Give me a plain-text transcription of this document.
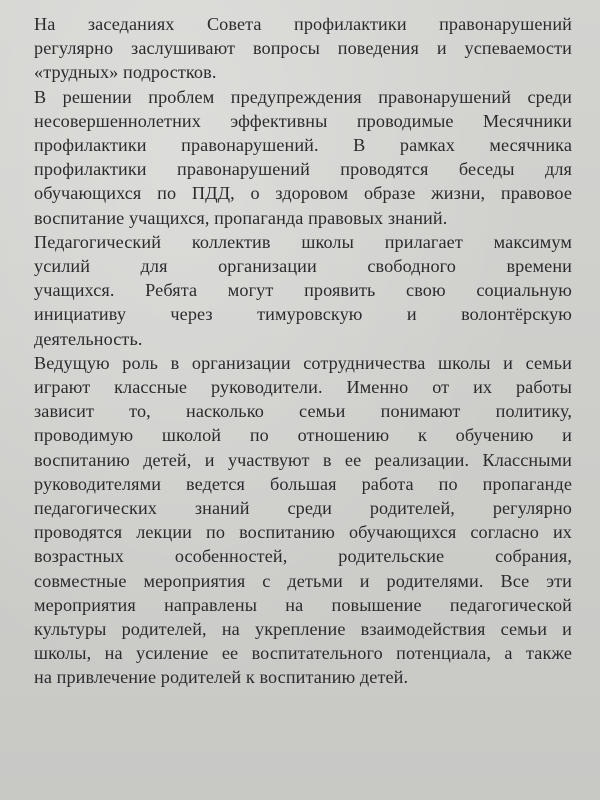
На заседаниях Совета профилактики правонарушений
регулярно заслушивают вопросы поведения и успеваемости
«трудных» подростков.
В решении проблем предупреждения правонарушений среди
несовершеннолетних эффективны проводимые Месячники
профилактики правонарушений. В рамках месячника
профилактики правонарушений проводятся беседы для
обучающихся по ПДД, о здоровом образе жизни, правовое
воспитание учащихся, пропаганда правовых знаний.
Педагогический коллектив школы прилагает максимум
усилий для организации свободного времени
учащихся. Ребята могут проявить свою социальную
инициативу через тимуровскую и волонтёрскую
деятельность.
Ведущую роль в организации сотрудничества школы и семьи
играют классные руководители. Именно от их работы
зависит то, насколько семьи понимают политику,
проводимую школой по отношению к обучению и
воспитанию детей, и участвуют в ее реализации. Классными
руководителями ведется большая работа по пропаганде
педагогических знаний среди родителей, регулярно
проводятся лекции по воспитанию обучающихся согласно их
возрастных особенностей, родительские собрания,
совместные мероприятия с детьми и родителями. Все эти
мероприятия направлены на повышение педагогической
культуры родителей, на укрепление взаимодействия семьи и
школы, на усиление ее воспитательного потенциала, а также
на привлечение родителей к воспитанию детей.
